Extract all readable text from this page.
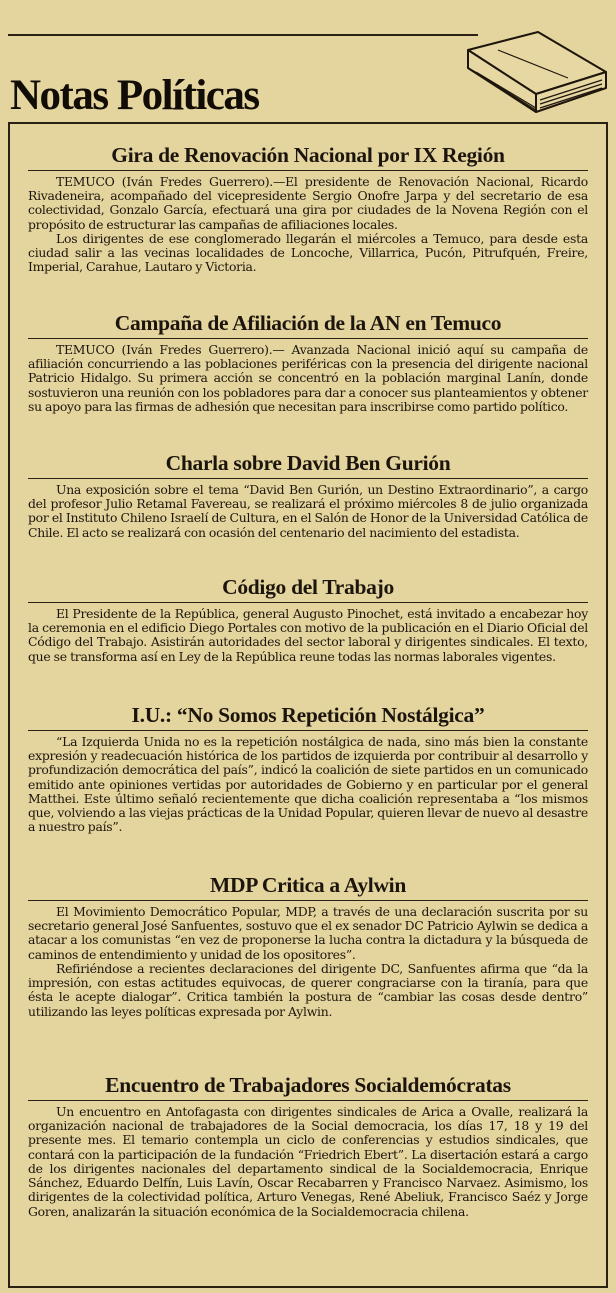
Notas Políticas
Gira de Renovación Nacional por IX Región

TEMUCO (Iván Fredes Guerrero).—El presidente de Renovación Nacional, Ricardo Rivadeneira, acompañado del vicepresidente Sergio Onofre Jarpa y del secretario de esa colectividad, Gonzalo García, efectuará una gira por ciudades de la Novena Región con el propósito de estructurar las campañas de afiliaciones locales.

Los dirigentes de ese conglomerado llegarán el miércoles a Temuco, para desde esta ciudad salir a las vecinas localidades de Loncoche, Villarrica, Pucón, Pitrufquén, Freire, Imperial, Carahue, Lautaro y Victoria.

Campaña de Afiliación de la AN en Temuco

TEMUCO (Iván Fredes Guerrero).— Avanzada Nacional inició aquí su campaña de afiliación concurriendo a las poblaciones periféricas con la presencia del dirigente nacional Patricio Hidalgo. Su primera acción se concentró en la población marginal Lanín, donde sostuvieron una reunión con los pobladores para dar a conocer sus planteamientos y obtener su apoyo para las firmas de adhesión que necesitan para inscribirse como partido político.

Charla sobre David Ben Gurión

Una exposición sobre el tema “David Ben Gurión, un Destino Extraordinario”, a cargo del profesor Julio Retamal Favereau, se realizará el próximo miércoles 8 de julio organizada por el Instituto Chileno Israelí de Cultura, en el Salón de Honor de la Universidad Católica de Chile. El acto se realizará con ocasión del centenario del nacimiento del estadista.

Código del Trabajo

El Presidente de la República, general Augusto Pinochet, está invitado a encabezar hoy la ceremonia en el edificio Diego Portales con motivo de la publicación en el Diario Oficial del Código del Trabajo. Asistirán autoridades del sector laboral y dirigentes sindicales. El texto, que se transforma así en Ley de la República reune todas las normas laborales vigentes.

I.U.: “No Somos Repetición Nostálgica”

“La Izquierda Unida no es la repetición nostálgica de nada, sino más bien la constante expresión y readecuación histórica de los partidos de izquierda por contribuir al desarrollo y profundización democrática del país”, indicó la coalición de siete partidos en un comunicado emitido ante opiniones vertidas por autoridades de Gobierno y en particular por el general Matthei. Este último señaló recientemente que dicha coalición representaba a “los mismos que, volviendo a las viejas prácticas de la Unidad Popular, quieren llevar de nuevo al desastre a nuestro país”.

MDP Critica a Aylwin

El Movimiento Democrático Popular, MDP, a través de una declaración suscrita por su secretario general José Sanfuentes, sostuvo que el ex senador DC Patricio Aylwin se dedica a atacar a los comunistas “en vez de proponerse la lucha contra la dictadura y la búsqueda de caminos de entendimiento y unidad de los opositores”.

Refiriéndose a recientes declaraciones del dirigente DC, Sanfuentes afirma que “da la impresión, con estas actitudes equivocas, de querer congraciarse con la tiranía, para que ésta le acepte dialogar”. Critica también la postura de “cambiar las cosas desde dentro” utilizando las leyes políticas expresada por Aylwin.

Encuentro de Trabajadores Socialdemócratas

Un encuentro en Antofagasta con dirigentes sindicales de Arica a Ovalle, realizará la organización nacional de trabajadores de la Social democracia, los días 17, 18 y 19 del presente mes. El temario contempla un ciclo de conferencias y estudios sindicales, que contará con la participación de la fundación “Friedrich Ebert”. La disertación estará a cargo de los dirigentes nacionales del departamento sindical de la Socialdemocracia, Enrique Sánchez, Eduardo Delfín, Luis Lavín, Oscar Recabarren y Francisco Narvaez. Asimismo, los dirigentes de la colectividad política, Arturo Venegas, René Abeliuk, Francisco Saéz y Jorge Goren, analizarán la situación económica de la Socialdemocracia chilena.
